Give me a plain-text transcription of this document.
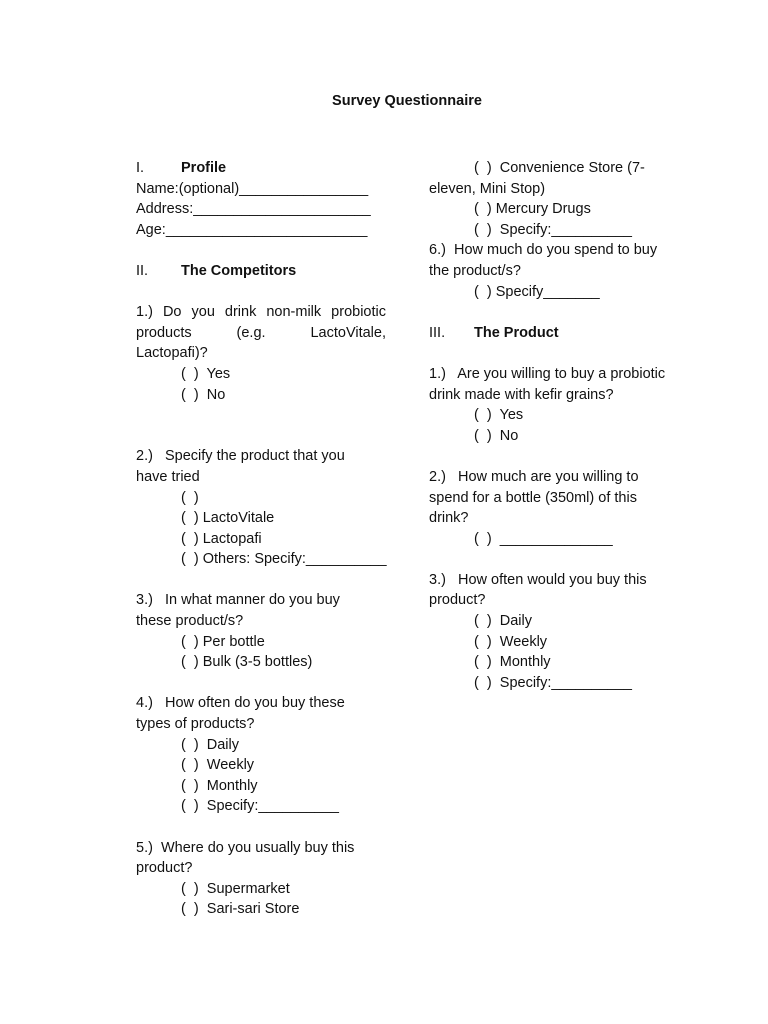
Survey Questionnaire
I.	Profile
Name:(optional)________________
Address:______________________
Age:_________________________
II. The Competitors
1.) Do you drink non-milk probiotic
products (e.g. LactoVitale,
Lactopafi)?
(  )  Yes
(  )  No
2.)   Specify the product that you
have tried
(  )
(  ) LactoVitale
(  ) Lactopafi
(  ) Others: Specify:__________
3.)   In what manner do you buy
these product/s?
(  ) Per bottle
(  ) Bulk (3-5 bottles)
4.)   How often do you buy these
types of products?
(  )  Daily
(  )  Weekly
(  )  Monthly
(  )  Specify:__________
5.)  Where do you usually buy this
product?
(  )  Supermarket
(  )  Sari-sari Store
(  )  Convenience Store (7-
eleven, Mini Stop)
(  ) Mercury Drugs
(  )  Specify:__________
6.)  How much do you spend to buy
the product/s?
(  ) Specify_______
III. The Product
1.)   Are you willing to buy a probiotic
drink made with kefir grains?
(  )  Yes
(  )  No
2.)   How much are you willing to
spend for a bottle (350ml) of this
drink?
(  )  ______________
3.)   How often would you buy this
product?
(  )  Daily
(  )  Weekly
(  )  Monthly
(  )  Specify:__________
